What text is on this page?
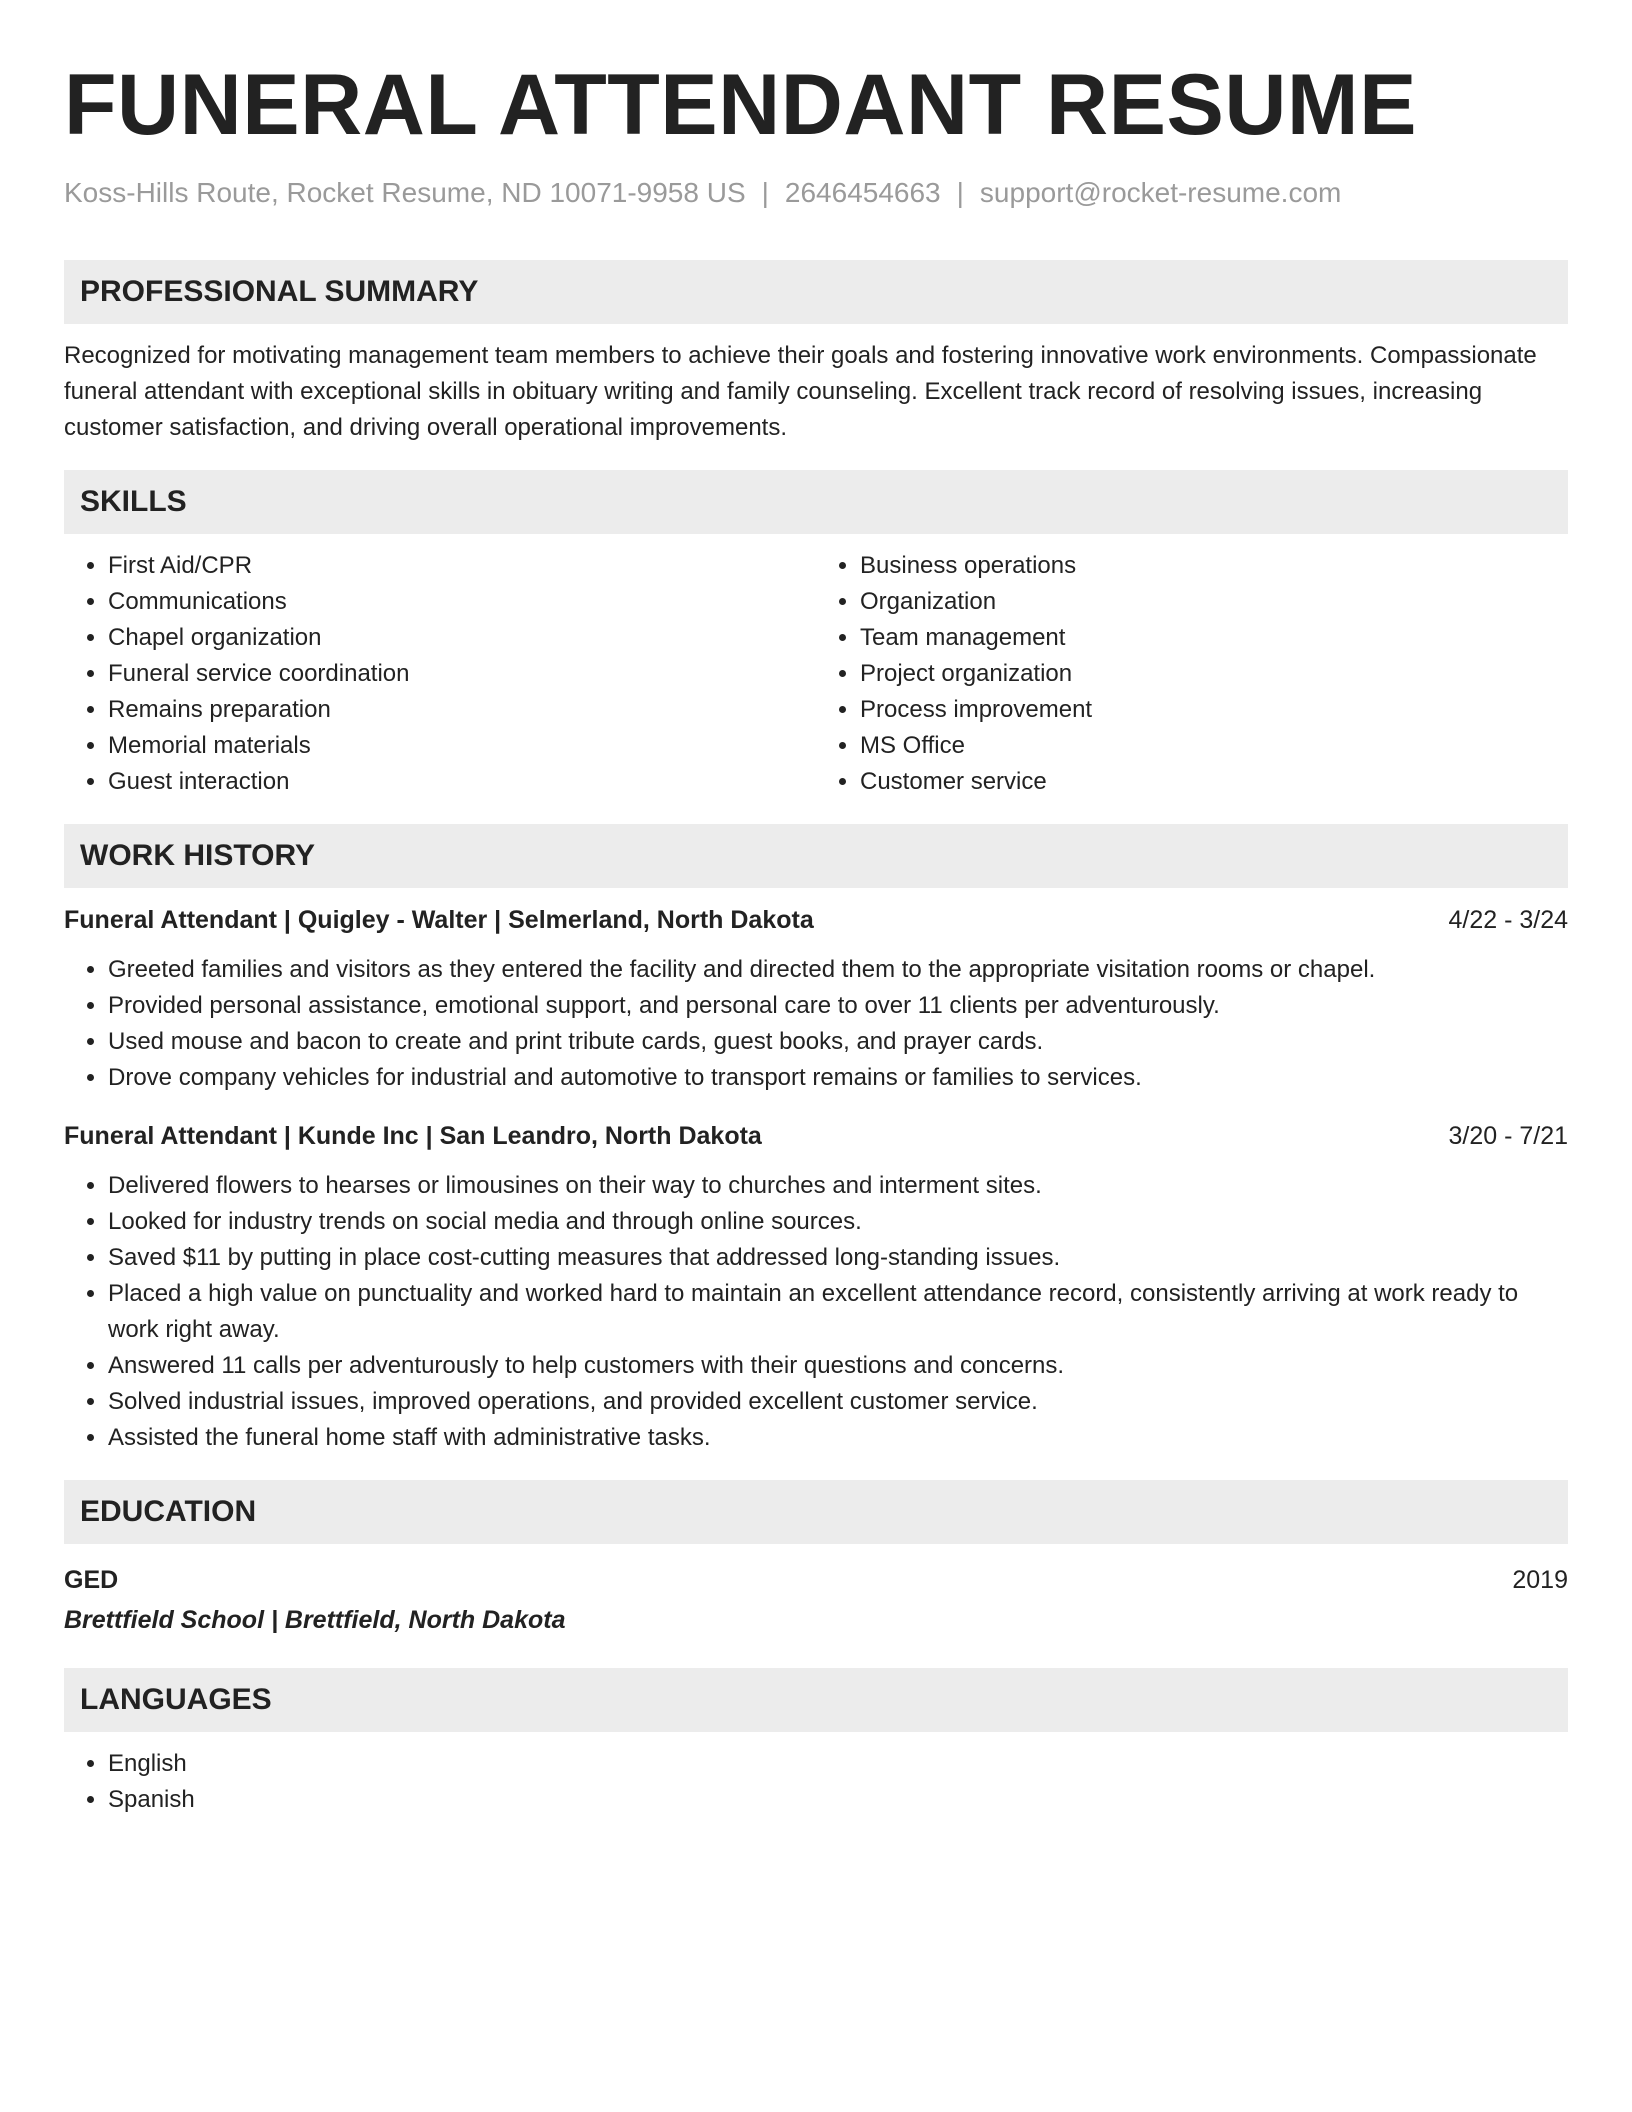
FUNERAL ATTENDANT RESUME
Koss-Hills Route, Rocket Resume, ND 10071-9958 US | 2646454663 | support@rocket-resume.com
PROFESSIONAL SUMMARY

Recognized for motivating management team members to achieve their goals and fostering innovative work environments. Compassionate funeral attendant with exceptional skills in obituary writing and family counseling. Excellent track record of resolving issues, increasing customer satisfaction, and driving overall operational improvements.

SKILLS
• First Aid/CPR
• Communications
• Chapel organization
• Funeral service coordination
• Remains preparation
• Memorial materials
• Guest interaction
• Business operations
• Organization
• Team management
• Project organization
• Process improvement
• MS Office
• Customer service
WORK HISTORY
Funeral Attendant | Quigley - Walter | Selmerland, North Dakota	4/22 - 3/24
• Greeted families and visitors as they entered the facility and directed them to the appropriate visitation rooms or chapel.
• Provided personal assistance, emotional support, and personal care to over 11 clients per adventurously.
• Used mouse and bacon to create and print tribute cards, guest books, and prayer cards.
• Drove company vehicles for industrial and automotive to transport remains or families to services.
Funeral Attendant | Kunde Inc | San Leandro, North Dakota	3/20 - 7/21
• Delivered flowers to hearses or limousines on their way to churches and interment sites.
• Looked for industry trends on social media and through online sources.
• Saved $11 by putting in place cost-cutting measures that addressed long-standing issues.
• Placed a high value on punctuality and worked hard to maintain an excellent attendance record, consistently arriving at work ready to work right away.
• Answered 11 calls per adventurously to help customers with their questions and concerns.
• Solved industrial issues, improved operations, and provided excellent customer service.
• Assisted the funeral home staff with administrative tasks.
EDUCATION
GED	2019
Brettfield School | Brettfield, North Dakota
LANGUAGES
• English
• Spanish
